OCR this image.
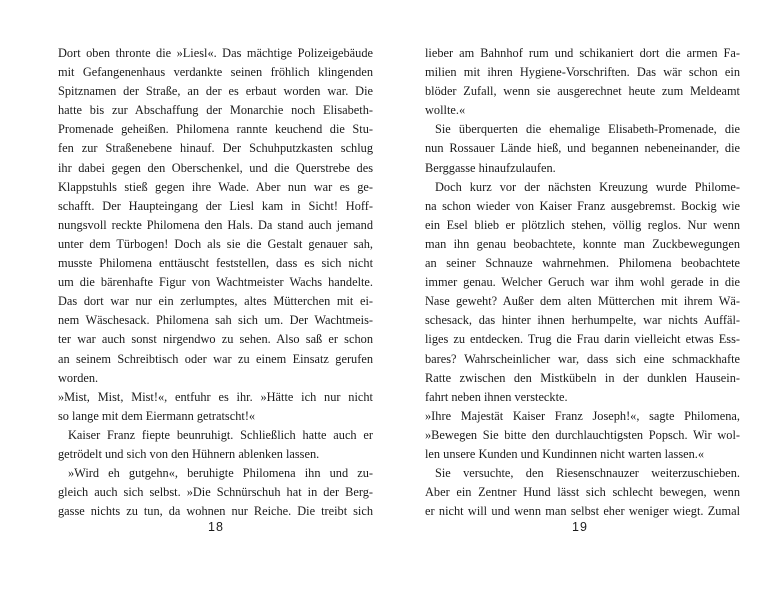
Dort oben thronte die »Liesl«. Das mächtige Polizeigebäude
mit Gefangenenhaus verdankte seinen fröhlich klingenden
Spitznamen der Straße, an der es erbaut worden war. Die
hatte bis zur Abschaffung der Monarchie noch Elisabeth-
Promenade geheißen. Philomena rannte keuchend die Stu-
fen zur Straßenebene hinauf. Der Schuhputzkasten schlug
ihr dabei gegen den Oberschenkel, und die Querstrebe des
Klappstuhls stieß gegen ihre Wade. Aber nun war es ge-
schafft. Der Haupteingang der Liesl kam in Sicht! Hoff-
nungsvoll reckte Philomena den Hals. Da stand auch jemand
unter dem Türbogen! Doch als sie die Gestalt genauer sah,
musste Philomena enttäuscht feststellen, dass es sich nicht
um die bärenhafte Figur von Wachtmeister Wachs handelte.
Das dort war nur ein zerlumptes, altes Mütterchen mit ei-
nem Wäschesack. Philomena sah sich um. Der Wachtmeis-
ter war auch sonst nirgendwo zu sehen. Also saß er schon
an seinem Schreibtisch oder war zu einem Einsatz gerufen
worden.
»Mist, Mist, Mist!«, entfuhr es ihr. »Hätte ich nur nicht
so lange mit dem Eiermann getratscht!«
Kaiser Franz fiepte beunruhigt. Schließlich hatte auch er
getrödelt und sich von den Hühnern ablenken lassen.
»Wird eh gutgehn«, beruhigte Philomena ihn und zu-
gleich auch sich selbst. »Die Schnürschuh hat in der Berg-
gasse nichts zu tun, da wohnen nur Reiche. Die treibt sich
18
lieber am Bahnhof rum und schikaniert dort die armen Fa-
milien mit ihren Hygiene-Vorschriften. Das wär schon ein
blöder Zufall, wenn sie ausgerechnet heute zum Meldeamt
wollte.«
Sie überquerten die ehemalige Elisabeth-Promenade, die
nun Rossauer Lände hieß, und begannen nebeneinander, die
Berggasse hinaufzulaufen.
Doch kurz vor der nächsten Kreuzung wurde Philome-
na schon wieder von Kaiser Franz ausgebremst. Bockig wie
ein Esel blieb er plötzlich stehen, völlig reglos. Nur wenn
man ihn genau beobachtete, konnte man Zuckbewegungen
an seiner Schnauze wahrnehmen. Philomena beobachtete
immer genau. Welcher Geruch war ihm wohl gerade in die
Nase geweht? Außer dem alten Mütterchen mit ihrem Wä-
schesack, das hinter ihnen herhumpelte, war nichts Auffäl-
liges zu entdecken. Trug die Frau darin vielleicht etwas Ess-
bares? Wahrscheinlicher war, dass sich eine schmackhafte
Ratte zwischen den Mistkübeln in der dunklen Hausein-
fahrt neben ihnen versteckte.
»Ihre Majestät Kaiser Franz Joseph!«, sagte Philomena,
»Bewegen Sie bitte den durchlauchtigsten Popsch. Wir wol-
len unsere Kunden und Kundinnen nicht warten lassen.«
Sie versuchte, den Riesenschnauzer weiterzuschieben.
Aber ein Zentner Hund lässt sich schlecht bewegen, wenn
er nicht will und wenn man selbst eher weniger wiegt. Zumal
19
